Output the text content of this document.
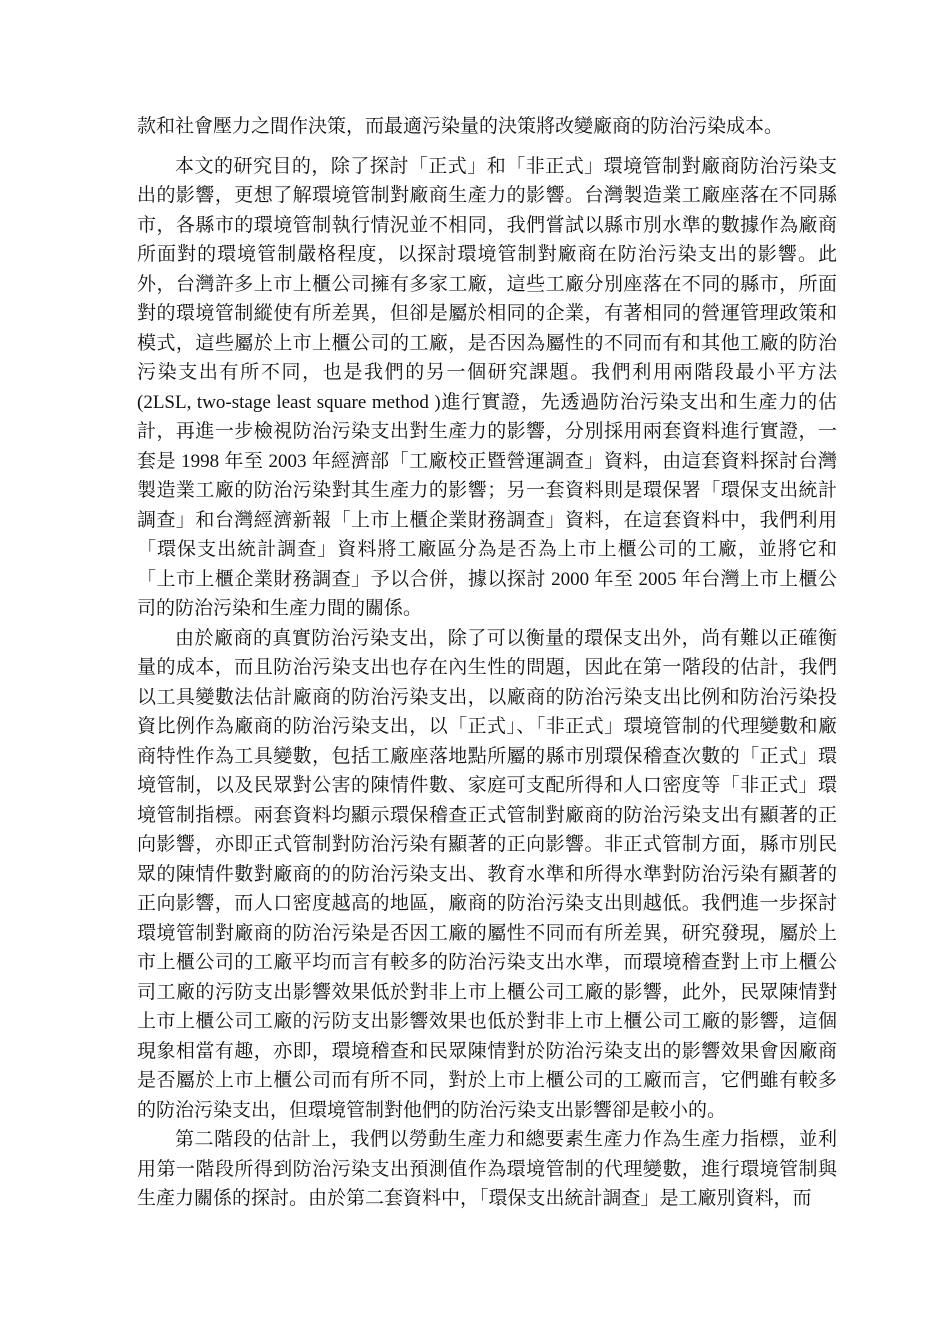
款和社會壓力之間作決策，而最適污染量的決策將改變廠商的防治污染成本。

本文的研究目的，除了探討「正式」和「非正式」環境管制對廠商防治污染支出的影響，更想了解環境管制對廠商生產力的影響。台灣製造業工廠座落在不同縣市，各縣市的環境管制執行情況並不相同，我們嘗試以縣市別水準的數據作為廠商所面對的環境管制嚴格程度，以探討環境管制對廠商在防治污染支出的影響。此外，台灣許多上市上櫃公司擁有多家工廠，這些工廠分別座落在不同的縣市，所面對的環境管制縱使有所差異，但卻是屬於相同的企業，有著相同的營運管理政策和模式，這些屬於上市上櫃公司的工廠，是否因為屬性的不同而有和其他工廠的防治污染支出有所不同，也是我們的另一個研究課題。我們利用兩階段最小平方法(2LSL, two-stage least square method )進行實證，先透過防治污染支出和生產力的估計，再進一步檢視防治污染支出對生產力的影響，分別採用兩套資料進行實證，一套是 1998 年至 2003 年經濟部「工廠校正暨營運調查」資料，由這套資料探討台灣製造業工廠的防治污染對其生產力的影響；另一套資料則是環保署「環保支出統計調查」和台灣經濟新報「上市上櫃企業財務調查」資料，在這套資料中，我們利用「環保支出統計調查」資料將工廠區分為是否為上市上櫃公司的工廠，並將它和「上市上櫃企業財務調查」予以合併，據以探討 2000 年至 2005 年台灣上市上櫃公司的防治污染和生產力間的關係。

由於廠商的真實防治污染支出，除了可以衡量的環保支出外，尚有難以正確衡量的成本，而且防治污染支出也存在內生性的問題，因此在第一階段的估計，我們以工具變數法估計廠商的防治污染支出，以廠商的防治污染支出比例和防治污染投資比例作為廠商的防治污染支出，以「正式」、「非正式」環境管制的代理變數和廠商特性作為工具變數，包括工廠座落地點所屬的縣市別環保稽查次數的「正式」環境管制，以及民眾對公害的陳情件數、家庭可支配所得和人口密度等「非正式」環境管制指標。兩套資料均顯示環保稽查正式管制對廠商的防治污染支出有顯著的正向影響，亦即正式管制對防治污染有顯著的正向影響。非正式管制方面，縣市別民眾的陳情件數對廠商的的防治污染支出、教育水準和所得水準對防治污染有顯著的正向影響，而人口密度越高的地區，廠商的防治污染支出則越低。我們進一步探討環境管制對廠商的防治污染是否因工廠的屬性不同而有所差異，研究發現，屬於上市上櫃公司的工廠平均而言有較多的防治污染支出水準，而環境稽查對上市上櫃公司工廠的污防支出影響效果低於對非上市上櫃公司工廠的影響，此外，民眾陳情對上市上櫃公司工廠的污防支出影響效果也低於對非上市上櫃公司工廠的影響，這個現象相當有趣，亦即，環境稽查和民眾陳情對於防治污染支出的影響效果會因廠商是否屬於上市上櫃公司而有所不同，對於上市上櫃公司的工廠而言，它們雖有較多的防治污染支出，但環境管制對他們的防治污染支出影響卻是較小的。

第二階段的估計上，我們以勞動生產力和總要素生產力作為生產力指標，並利用第一階段所得到防治污染支出預測值作為環境管制的代理變數，進行環境管制與生產力關係的探討。由於第二套資料中，「環保支出統計調查」是工廠別資料，而
